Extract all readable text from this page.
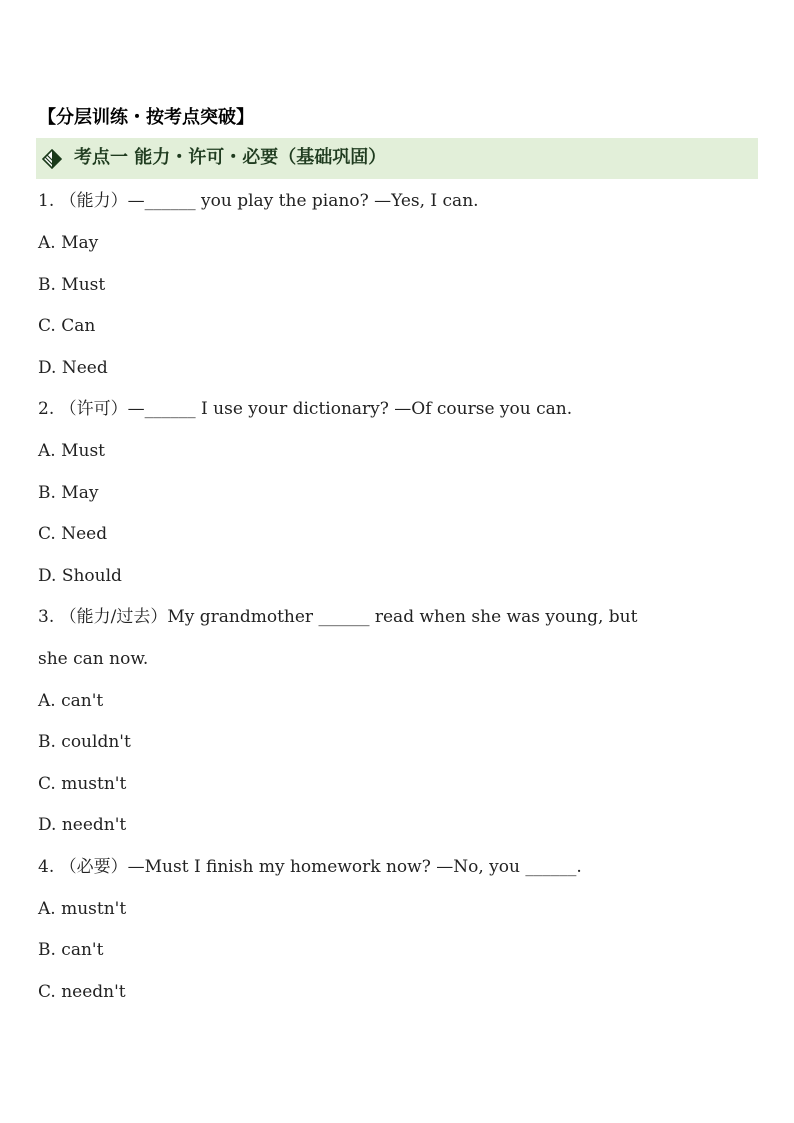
【分层训练・按考点突破】
考点一 能力・许可・必要（基础巩固）
1. （能力）—______ you play the piano? —Yes, I can.
A. May
B. Must
C. Can
D. Need
2. （许可）—______ I use your dictionary? —Of course you can.
A. Must
B. May
C. Need
D. Should
3. （能力/过去）My grandmother ______ read when she was young, but
she can now.
A. can't
B. couldn't
C. mustn't
D. needn't
4. （必要）—Must I finish my homework now? —No, you ______.
A. mustn't
B. can't
C. needn't
